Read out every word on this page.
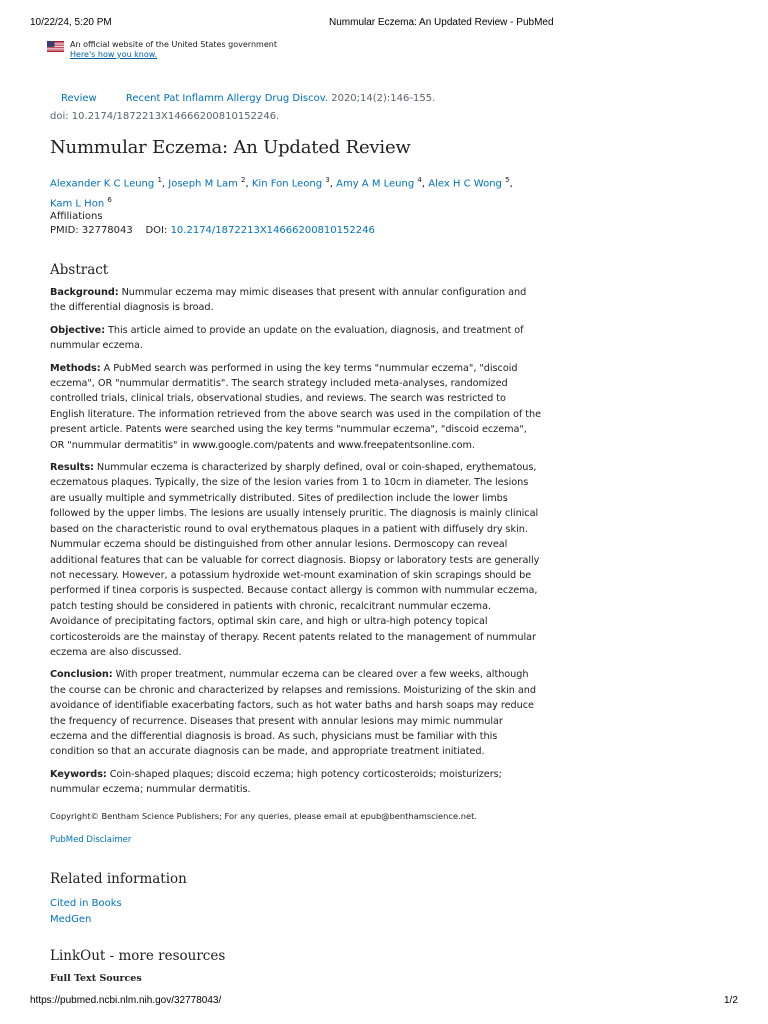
10/22/24, 5:20 PM	Nummular Eczema: An Updated Review - PubMed
An official website of the United States government
Here's how you know.
Review	Recent Pat Inflamm Allergy Drug Discov. 2020;14(2):146-155.
doi: 10.2174/1872213X14666200810152246.
Nummular Eczema: An Updated Review
Alexander K C Leung $^1$, Joseph M Lam $^2$, Kin Fon Leong $^3$, Amy A M Leung $^4$, Alex H C Wong $^5$,
Kam L Hon $^6$
Affiliations
PMID: 32778043 DOI: 10.2174/1872213X14666200810152246
Abstract

Background: Nummular eczema may mimic diseases that present with annular configuration and the differential diagnosis is broad.

Objective: This article aimed to provide an update on the evaluation, diagnosis, and treatment of nummular eczema.

Methods: A PubMed search was performed in using the key terms "nummular eczema", "discoid eczema", OR "nummular dermatitis". The search strategy included meta-analyses, randomized controlled trials, clinical trials, observational studies, and reviews. The search was restricted to English literature. The information retrieved from the above search was used in the compilation of the present article. Patents were searched using the key terms "nummular eczema", "discoid eczema", OR "nummular dermatitis" in www.google.com/patents and www.freepatentsonline.com.

Results: Nummular eczema is characterized by sharply defined, oval or coin-shaped, erythematous, eczematous plaques. Typically, the size of the lesion varies from 1 to 10cm in diameter. The lesions are usually multiple and symmetrically distributed. Sites of predilection include the lower limbs followed by the upper limbs. The lesions are usually intensely pruritic. The diagnosis is mainly clinical based on the characteristic round to oval erythematous plaques in a patient with diffusely dry skin. Nummular eczema should be distinguished from other annular lesions. Dermoscopy can reveal additional features that can be valuable for correct diagnosis. Biopsy or laboratory tests are generally not necessary. However, a potassium hydroxide wet-mount examination of skin scrapings should be performed if tinea corporis is suspected. Because contact allergy is common with nummular eczema, patch testing should be considered in patients with chronic, recalcitrant nummular eczema. Avoidance of precipitating factors, optimal skin care, and high or ultra-high potency topical corticosteroids are the mainstay of therapy. Recent patents related to the management of nummular eczema are also discussed.

Conclusion: With proper treatment, nummular eczema can be cleared over a few weeks, although the course can be chronic and characterized by relapses and remissions. Moisturizing of the skin and avoidance of identifiable exacerbating factors, such as hot water baths and harsh soaps may reduce the frequency of recurrence. Diseases that present with annular lesions may mimic nummular eczema and the differential diagnosis is broad. As such, physicians must be familiar with this condition so that an accurate diagnosis can be made, and appropriate treatment initiated.

Keywords: Coin-shaped plaques; discoid eczema; high potency corticosteroids; moisturizers; nummular eczema; nummular dermatitis.

Copyright© Bentham Science Publishers; For any queries, please email at epub@benthamscience.net.
PubMed Disclaimer
Related information
Cited in Books
MedGen
LinkOut - more resources
Full Text Sources
https://pubmed.ncbi.nlm.nih.gov/32778043/	1/2
